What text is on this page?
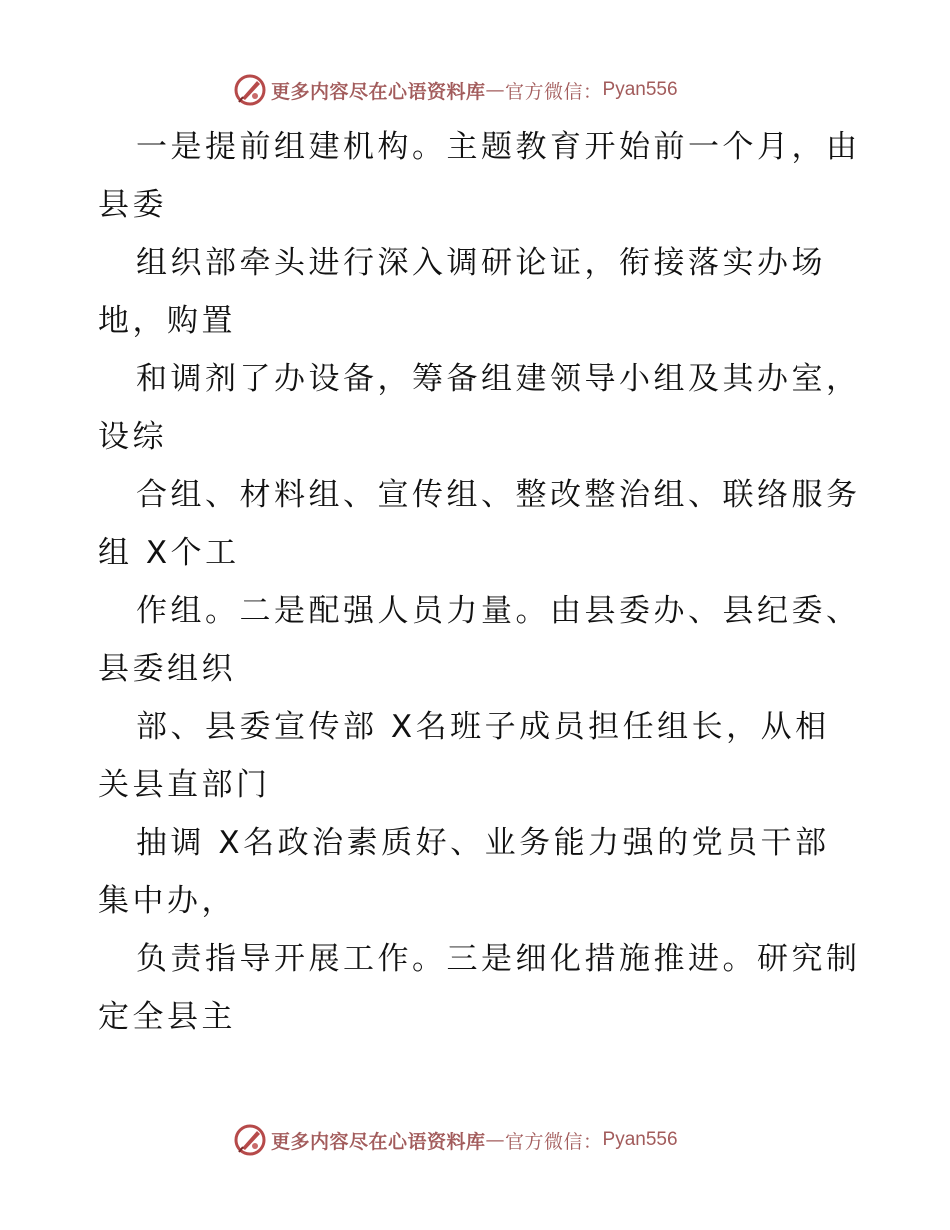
更多内容尽在心语资料库 — 官方微信： Pyan556
一是提前组建机构。主题教育开始前一个月，由
县委
组织部牵头进行深入调研论证，衔接落实办场
地，购置
和调剂了办设备，筹备组建领导小组及其办室，
设综
合组、材料组、宣传组、整改整治组、联络服务
组 X个工
作组。二是配强人员力量。由县委办、县纪委、
县委组织
部、县委宣传部 X名班子成员担任组长，从相
关县直部门
抽调 X名政治素质好、业务能力强的党员干部
集中办，
负责指导开展工作。三是细化措施推进。研究制
定全县主
更多内容尽在心语资料库 — 官方微信： Pyan556
